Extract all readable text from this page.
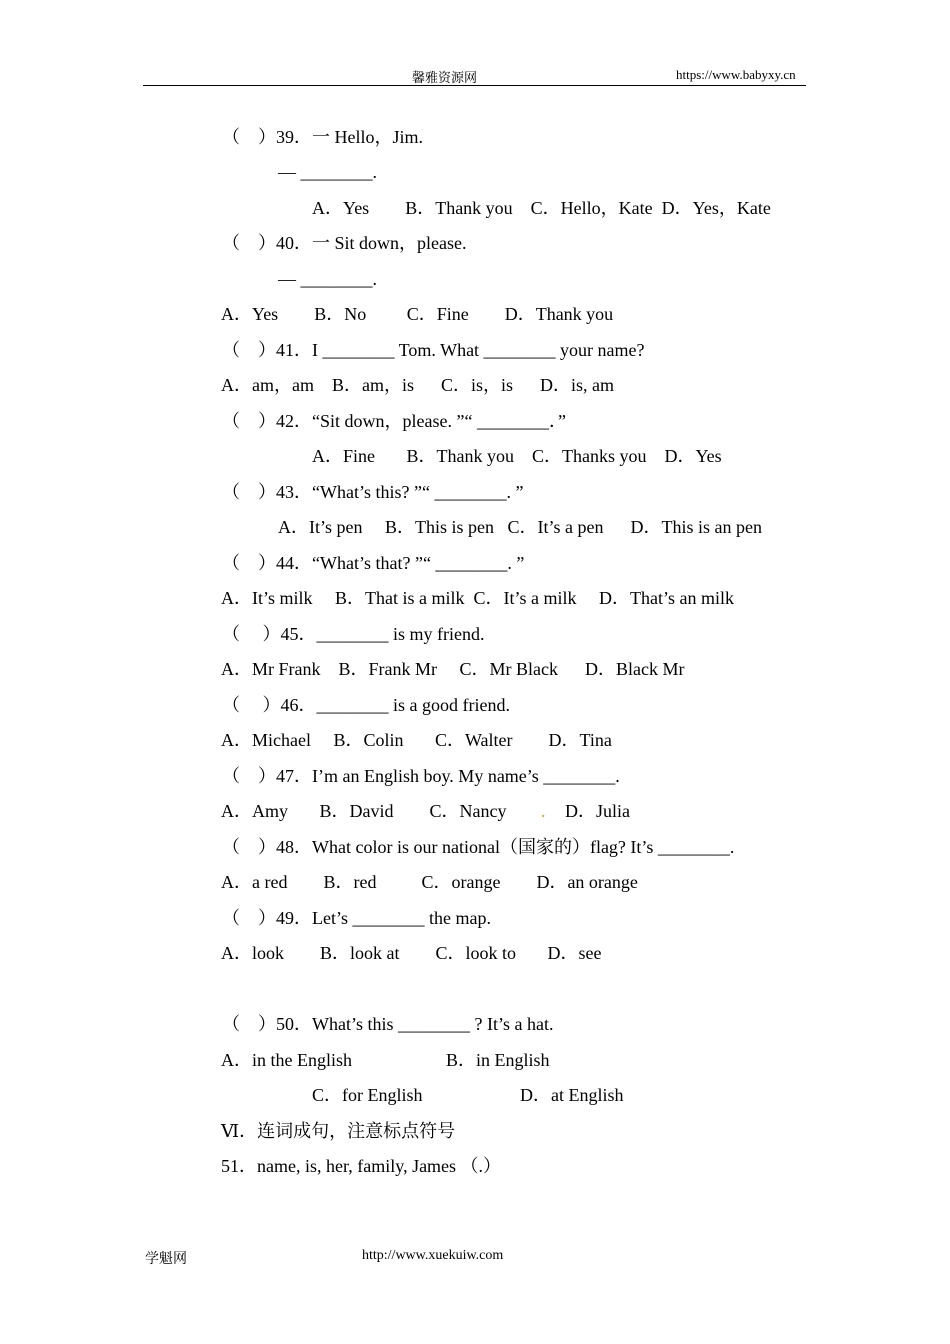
馨雅资源网	https://www.babyxy.cn
（    ）39．一 Hello，Jim.
— ________.
A．Yes        B．Thank you    C．Hello，Kate  D．Yes，Kate
（    ）40．一 Sit down，please.
— ________.
A．Yes        B．No         C．Fine        D．Thank you
（    ）41．I ________ Tom. What ________ your name?
A．am，am    B．am，is      C．is，is      D．is, am
（    ）42．“Sit down，please. ”“ ________．”
A．Fine       B．Thank you    C．Thanks you    D．Yes
（    ）43．“What’s this? ”“ ________. ”
A．It’s pen     B．This is pen   C．It’s a pen      D．This is an pen
（    ）44．“What’s that? ”“ ________. ”
A．It’s milk     B．That is a milk  C．It’s a milk     D．That’s an milk
（     ）45．________ is my friend.
A．Mr Frank    B．Frank Mr     C．Mr Black      D．Black Mr
（     ）46．________ is a good friend.
A．Michael     B．Colin       C．Walter        D．Tina
（    ）47．I’m an English boy. My name’s ________.
A．Amy       B．David        C．Nancy . D．Julia
（    ）48．What color is our national（国家的）flag? It’s ________.
A．a red        B．red          C．orange        D．an orange
（    ）49．Let’s ________ the map.
A．look        B．look at        C．look to       D．see
（    ）50．What’s this ________ ? It’s a hat.
A．in the English	B．in English
C．for English	D．at English
Ⅵ．连词成句，注意标点符号
51．name, is, her, family, James （.）
学魁网	http://www.xuekuiw.com
